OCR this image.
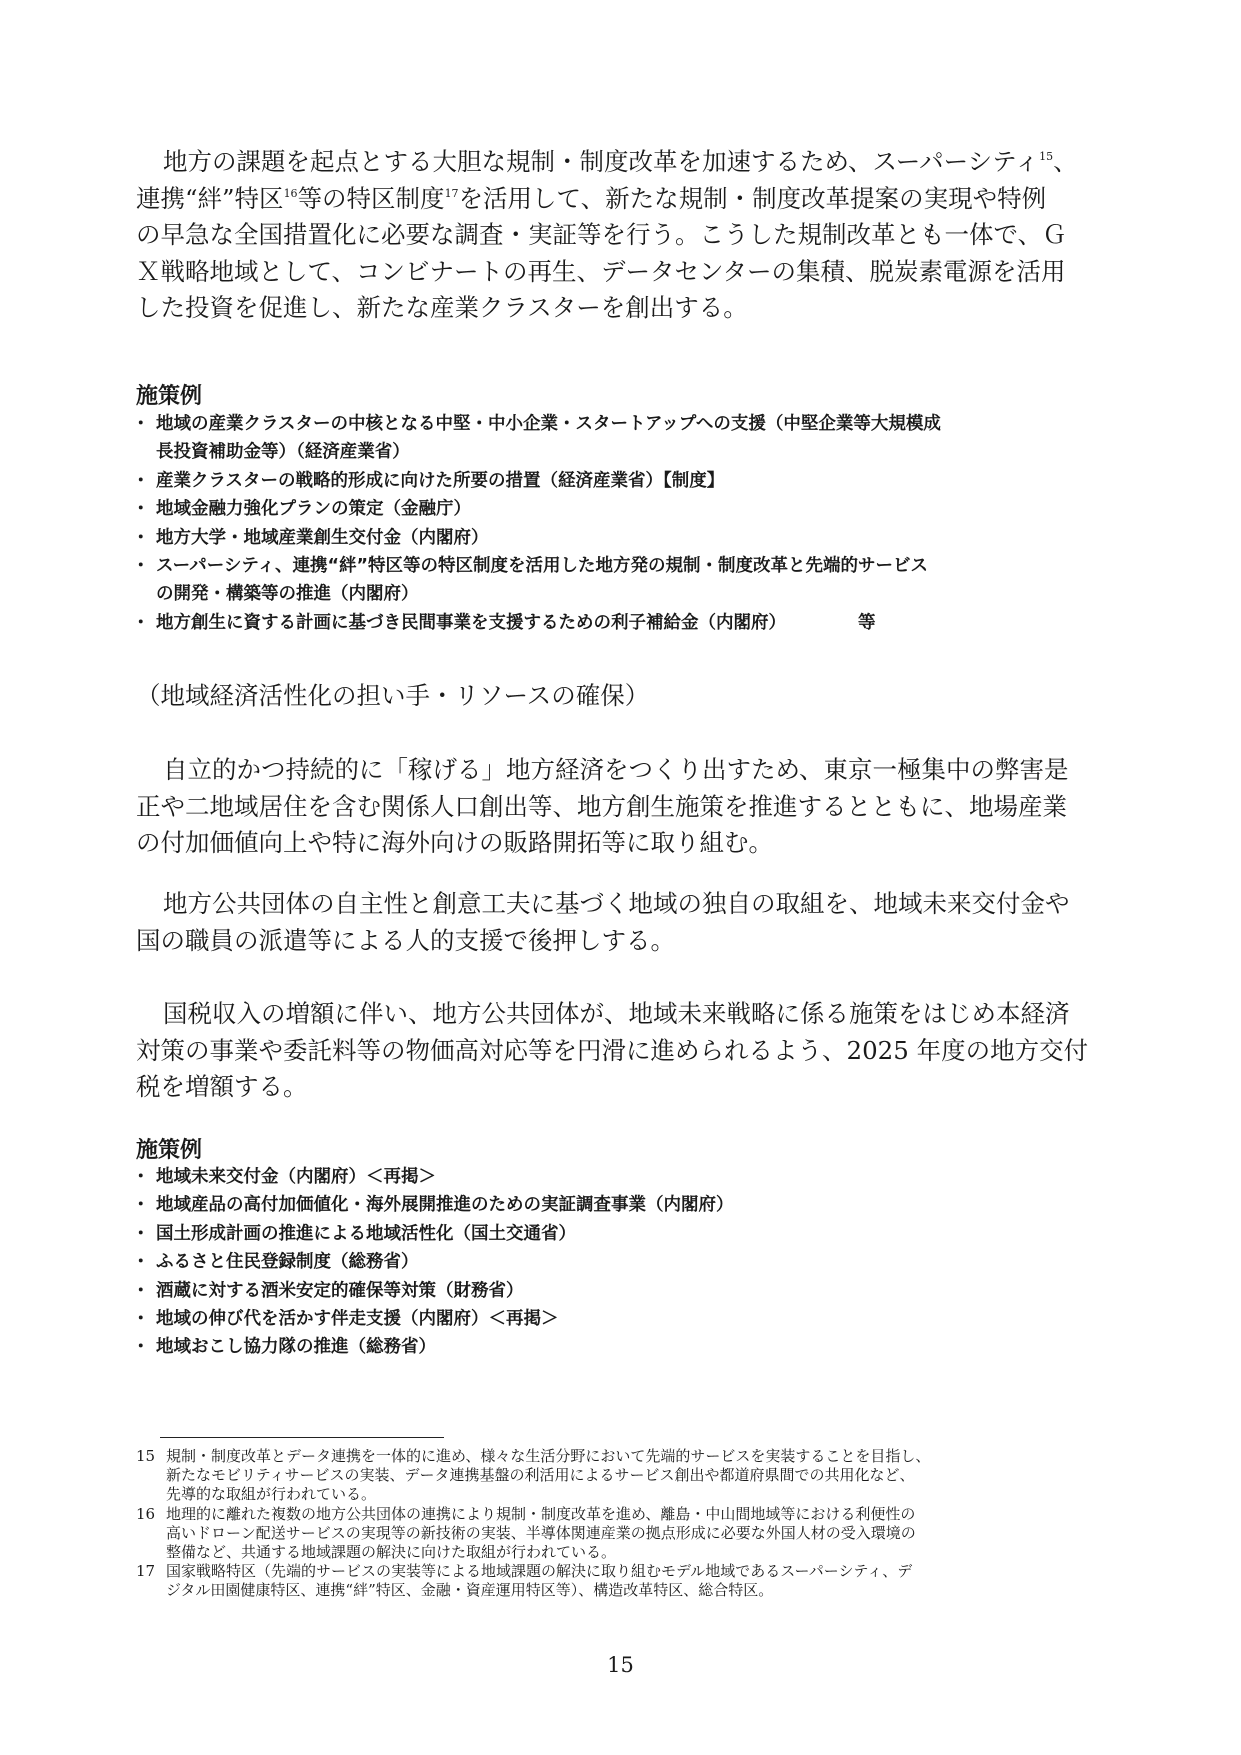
地方の課題を起点とする大胆な規制・制度改革を加速するため、スーパーシティ$^{15}$、
連携“絆”特区$^{16}$等の特区制度$^{17}$を活用して、新たな規制・制度改革提案の実現や特例
の早急な全国措置化に必要な調査・実証等を行う。こうした規制改革とも一体で、Ｇ
Ｘ戦略地域として、コンビナートの再生、データセンターの集積、脱炭素電源を活用
した投資を促進し、新たな産業クラスターを創出する。
施策例
・ 地域の産業クラスターの中核となる中堅・中小企業・スタートアップへの支援（中堅企業等大規模成
長投資補助金等）（経済産業省）
・ 産業クラスターの戦略的形成に向けた所要の措置（経済産業省）【制度】
・ 地域金融力強化プランの策定（金融庁）
・ 地方大学・地域産業創生交付金（内閣府）
・ スーパーシティ、連携“絆”特区等の特区制度を活用した地方発の規制・制度改革と先端的サービス
の開発・構築等の推進（内閣府）
・ 地方創生に資する計画に基づき民間事業を支援するための利子補給金（内閣府）	等
（地域経済活性化の担い手・リソースの確保）
自立的かつ持続的に「稼げる」地方経済をつくり出すため、東京一極集中の弊害是
正や二地域居住を含む関係人口創出等、地方創生施策を推進するとともに、地場産業
の付加価値向上や特に海外向けの販路開拓等に取り組む。
地方公共団体の自主性と創意工夫に基づく地域の独自の取組を、地域未来交付金や
国の職員の派遣等による人的支援で後押しする。
国税収入の増額に伴い、地方公共団体が、地域未来戦略に係る施策をはじめ本経済
対策の事業や委託料等の物価高対応等を円滑に進められるよう、2025 年度の地方交付
税を増額する。
施策例
・ 地域未来交付金（内閣府）＜再掲＞
・ 地域産品の高付加価値化・海外展開推進のための実証調査事業（内閣府）
・ 国土形成計画の推進による地域活性化（国土交通省）
・ ふるさと住民登録制度（総務省）
・ 酒蔵に対する酒米安定的確保等対策（財務省）
・ 地域の伸び代を活かす伴走支援（内閣府）＜再掲＞
・ 地域おこし協力隊の推進（総務省）
15 規制・制度改革とデータ連携を一体的に進め、様々な生活分野において先端的サービスを実装することを目指し、
新たなモビリティサービスの実装、データ連携基盤の利活用によるサービス創出や都道府県間での共用化など、
先導的な取組が行われている。
16 地理的に離れた複数の地方公共団体の連携により規制・制度改革を進め、離島・中山間地域等における利便性の
高いドローン配送サービスの実現等の新技術の実装、半導体関連産業の拠点形成に必要な外国人材の受入環境の
整備など、共通する地域課題の解決に向けた取組が行われている。
17 国家戦略特区（先端的サービスの実装等による地域課題の解決に取り組むモデル地域であるスーパーシティ、デ
ジタル田園健康特区、連携“絆”特区、金融・資産運用特区等）、構造改革特区、総合特区。
15
